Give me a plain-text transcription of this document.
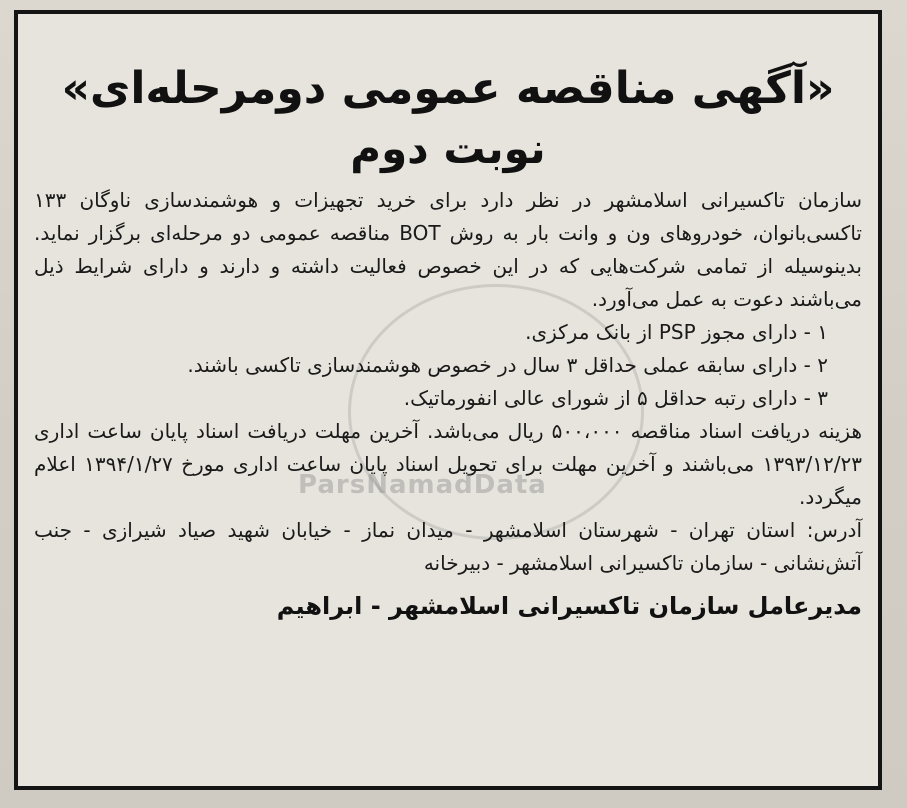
«آگهی مناقصه عمومی دومرحله‌ای»
نوبت دوم

سازمان تاکسیرانی اسلامشهر در نظر دارد برای خرید تجهیزات و هوشمندسازی ناوگان ۱۳۳ تاکسی‌بانوان، خودروهای ون و وانت بار به روش BOT مناقصه عمومی دو مرحله‌ای برگزار نماید. بدینوسیله از تمامی شرکت‌هایی که در این خصوص فعالیت داشته و دارند و دارای شرایط ذیل می‌باشند دعوت به عمل می‌آورد.

۱ - دارای مجوز PSP از بانک مرکزی.

۲ - دارای سابقه عملی حداقل ۳ سال در خصوص هوشمندسازی تاکسی باشند.

۳ - دارای رتبه حداقل ۵ از شورای عالی انفورماتیک.

هزینه دریافت اسناد مناقصه ۵۰۰،۰۰۰ ریال می‌باشد. آخرین مهلت دریافت اسناد پایان ساعت اداری ۱۳۹۳/۱۲/۲۳ می‌باشند و آخرین مهلت برای تحویل اسناد پایان ساعت اداری مورخ ۱۳۹۴/۱/۲۷ اعلام میگردد.

آدرس: استان تهران - شهرستان اسلامشهر - میدان نماز - خیابان شهید صیاد شیرازی - جنب آتش‌نشانی - سازمان تاکسیرانی اسلامشهر - دبیرخانه

مدیرعامل سازمان تاکسیرانی اسلامشهر - ابراهیم
ParsNamadData
